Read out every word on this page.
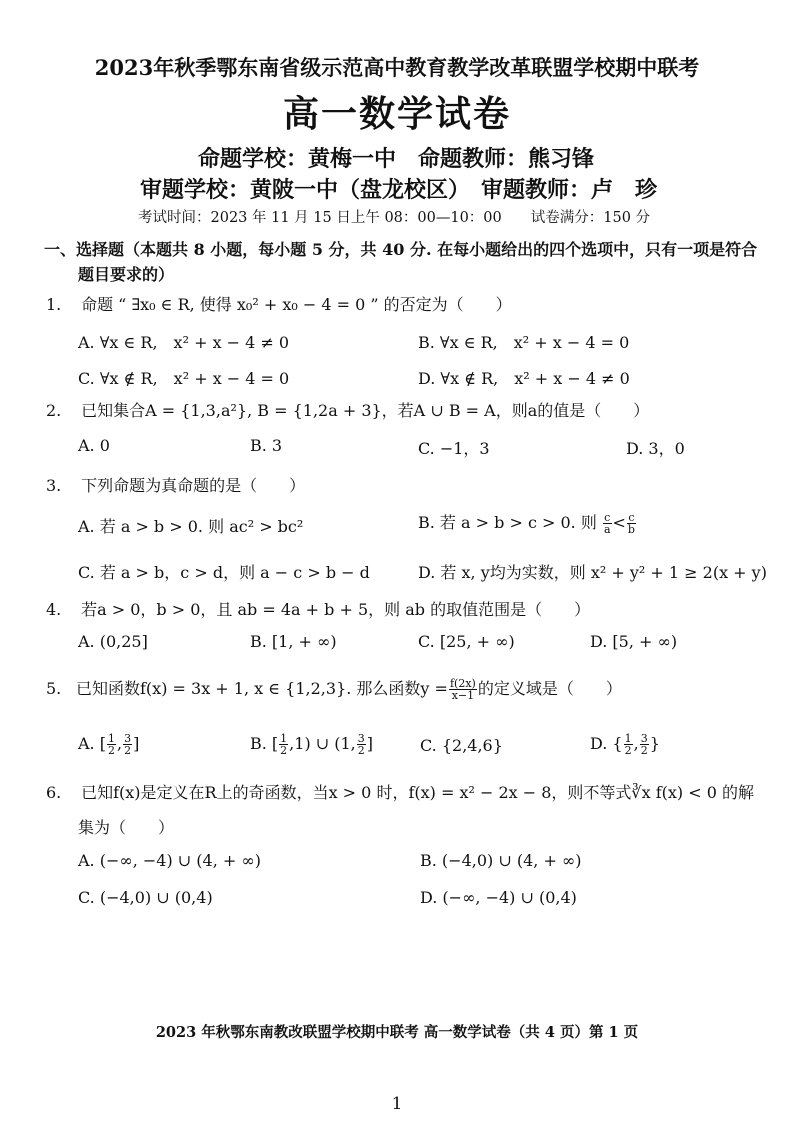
2023年秋季鄂东南省级示范高中教育教学改革联盟学校期中联考
高一数学试卷
命题学校：黄梅一中　命题教师：熊习锋
审题学校：黄陂一中（盘龙校区）　审题教师：卢　珍
考试时间：2023 年 11 月 15 日上午 08：00—10：00　　试卷满分：150 分
一、选择题（本题共 8 小题，每小题 5 分，共 40 分. 在每小题给出的四个选项中，只有一项是符合
题目要求的）
1. 命题 “ ∃x₀ ∈ R, 使得 x₀² + x₀ − 4 = 0 ” 的否定为（　　）
A. ∀x ∈ R,　x² + x − 4 ≠ 0	B. ∀x ∈ R,　x² + x − 4 = 0
C. ∀x ∉ R,　x² + x − 4 = 0	D. ∀x ∉ R,　x² + x − 4 ≠ 0
2. 已知集合A = {1,3,a²}, B = {1,2a + 3}，若A ∪ B = A，则a的值是（　　）
A. 0	B. 3	C. −1，3	D. 3，0
3. 下列命题为真命题的是（　　）
A. 若 a > b > 0. 则 ac² > bc²	B. 若 a > b > c > 0. 则 $\frac{c}{a} < \frac{c}{b}$
C. 若 a > b，c > d，则 a − c > b − d	D. 若 x, y均为实数，则 x² + y² + 1 ≥ 2(x + y)
4. 若a > 0，b > 0，且 ab = 4a + b + 5，则 ab 的取值范围是（　　）
A. (0,25]	B. [1, + ∞)	C. [25, + ∞)	D. [5, + ∞)
5. 已知函数f(x) = 3x + 1, x ∈ {1,2,3}. 那么函数$y = \frac{f(2x)}{x-1}$ 的定义域是（　　）
A. [ $\frac{1}{2}$ , $\frac{3}{2}$ ]	B. [ $\frac{1}{2} ,1$) ∪ (1, $\frac{3}{2}$ ]	C. {2,4,6}	D. { $\frac{1}{2}$ , $\frac{3}{2}$ }
6. 已知f(x)是定义在R上的奇函数，当x > 0 时，f(x) = x² − 2x − 8，则不等式∛x f(x) < 0 的解
集为（　　）
A. (−∞, −4) ∪ (4, + ∞)	B. (−4,0) ∪ (4, + ∞)
C. (−4,0) ∪ (0,4)	D. (−∞, −4) ∪ (0,4)
2023 年秋鄂东南教改联盟学校期中联考 高一数学试卷（共 4 页）第 1 页
1
